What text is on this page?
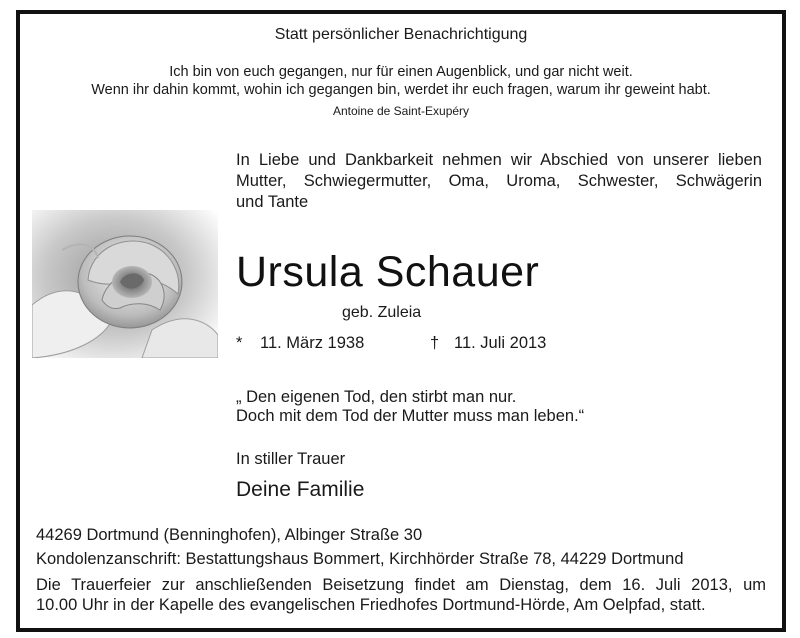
Statt persönlicher Benachrichtigung

Ich bin von euch gegangen, nur für einen Augenblick, und gar nicht weit.

Wenn ihr dahin kommt, wohin ich gegangen bin, werdet ihr euch fragen, warum ihr geweint habt.

Antoine de Saint-Exupéry

In Liebe und Dankbarkeit nehmen wir Abschied von unserer lieben
Mutter, Schwiegermutter, Oma, Uroma, Schwester, Schwägerin
und Tante
Ursula Schauer

geb. Zuleia

* 11. März 1938	† 11. Juli 2013

„ Den eigenen Tod, den stirbt man nur.

Doch mit dem Tod der Mutter muss man leben.“

In stiller Trauer

Deine Familie

44269 Dortmund (Benninghofen), Albinger Straße 30

Kondolenzanschrift: Bestattungshaus Bommert, Kirchhörder Straße 78, 44229 Dortmund

Die Trauerfeier zur anschließenden Beisetzung findet am Dienstag, dem 16. Juli 2013, um
10.00 Uhr in der Kapelle des evangelischen Friedhofes Dortmund-Hörde, Am Oelpfad, statt.
